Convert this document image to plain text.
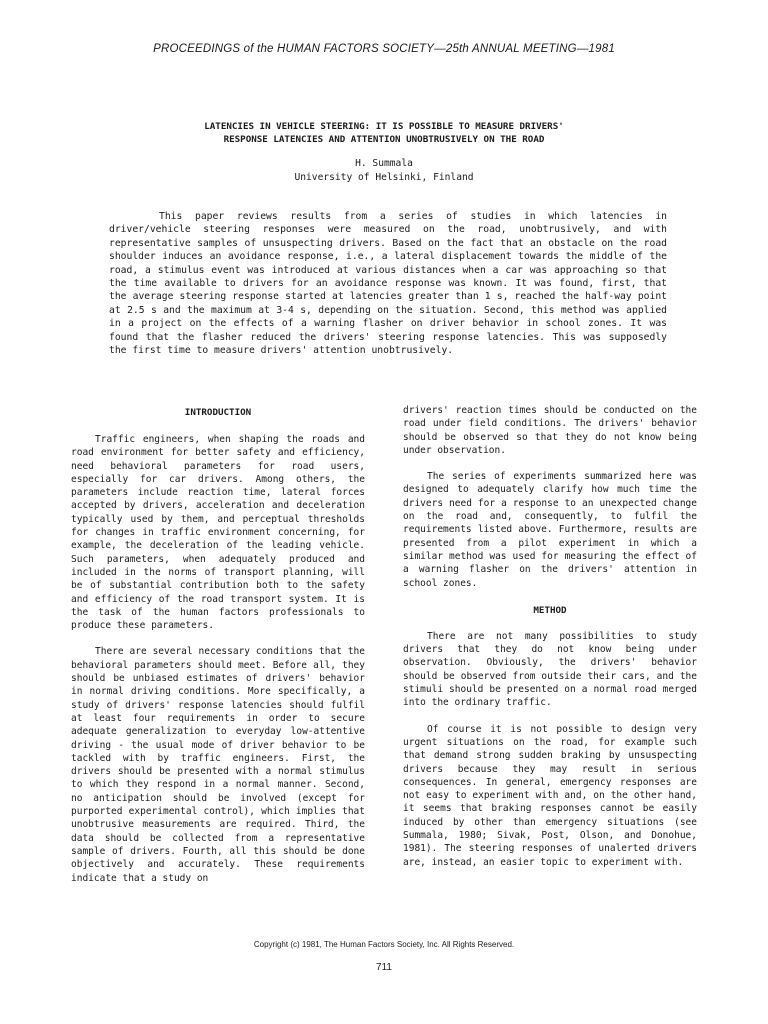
PROCEEDINGS of the HUMAN FACTORS SOCIETY—25th ANNUAL MEETING—1981
LATENCIES IN VEHICLE STEERING: IT IS POSSIBLE TO MEASURE DRIVERS'
RESPONSE LATENCIES AND ATTENTION UNOBTRUSIVELY ON THE ROAD
H. Summala
University of Helsinki, Finland

This paper reviews results from a series of studies in which latencies in driver/vehicle steering responses were measured on the road, unobtrusively, and with representative samples of unsuspecting drivers. Based on the fact that an obstacle on the road shoulder induces an avoidance response, i.e., a lateral displacement towards the middle of the road, a stimulus event was introduced at various distances when a car was approaching so that the time available to drivers for an avoidance response was known. It was found, first, that the average steering response started at latencies greater than 1 s, reached the half-way point at 2.5 s and the maximum at 3-4 s, depending on the situation. Second, this method was applied in a project on the effects of a warning flasher on driver behavior in school zones. It was found that the flasher reduced the drivers' steering response latencies. This was supposedly the first time to measure drivers' attention unobtrusively.

INTRODUCTION

Traffic engineers, when shaping the roads and road environment for better safety and efficiency, need behavioral parameters for road users, especially for car drivers. Among others, the parameters include reaction time, lateral forces accepted by drivers, acceleration and deceleration typically used by them, and perceptual thresholds for changes in traffic environment concerning, for example, the deceleration of the leading vehicle. Such parameters, when adequately produced and included in the norms of transport planning, will be of substantial contribution both to the safety and efficiency of the road transport system. It is the task of the human factors professionals to produce these parameters.

There are several necessary conditions that the behavioral parameters should meet. Before all, they should be unbiased estimates of drivers' behavior in normal driving conditions. More specifically, a study of drivers' response latencies should fulfil at least four requirements in order to secure adequate generalization to everyday low-attentive driving - the usual mode of driver behavior to be tackled with by traffic engineers. First, the drivers should be presented with a normal stimulus to which they respond in a normal manner. Second, no anticipation should be involved (except for purported experimental control), which implies that unobtrusive measurements are required. Third, the data should be collected from a representative sample of drivers. Fourth, all this should be done objectively and accurately. These requirements indicate that a study on

drivers' reaction times should be conducted on the road under field conditions. The drivers' behavior should be observed so that they do not know being under observation.

The series of experiments summarized here was designed to adequately clarify how much time the drivers need for a response to an unexpected change on the road and, consequently, to fulfil the requirements listed above. Furthermore, results are presented from a pilot experiment in which a similar method was used for measuring the effect of a warning flasher on the drivers' attention in school zones.

METHOD

There are not many possibilities to study drivers that they do not know being under observation. Obviously, the drivers' behavior should be observed from outside their cars, and the stimuli should be presented on a normal road merged into the ordinary traffic.

Of course it is not possible to design very urgent situations on the road, for example such that demand strong sudden braking by unsuspecting drivers because they may result in serious consequences. In general, emergency responses are not easy to experiment with and, on the other hand, it seems that braking responses cannot be easily induced by other than emergency situations (see Summala, 1980; Sivak, Post, Olson, and Donohue, 1981). The steering responses of unalerted drivers are, instead, an easier topic to experiment with.

Copyright (c) 1981, The Human Factors Society, Inc. All Rights Reserved.
711
